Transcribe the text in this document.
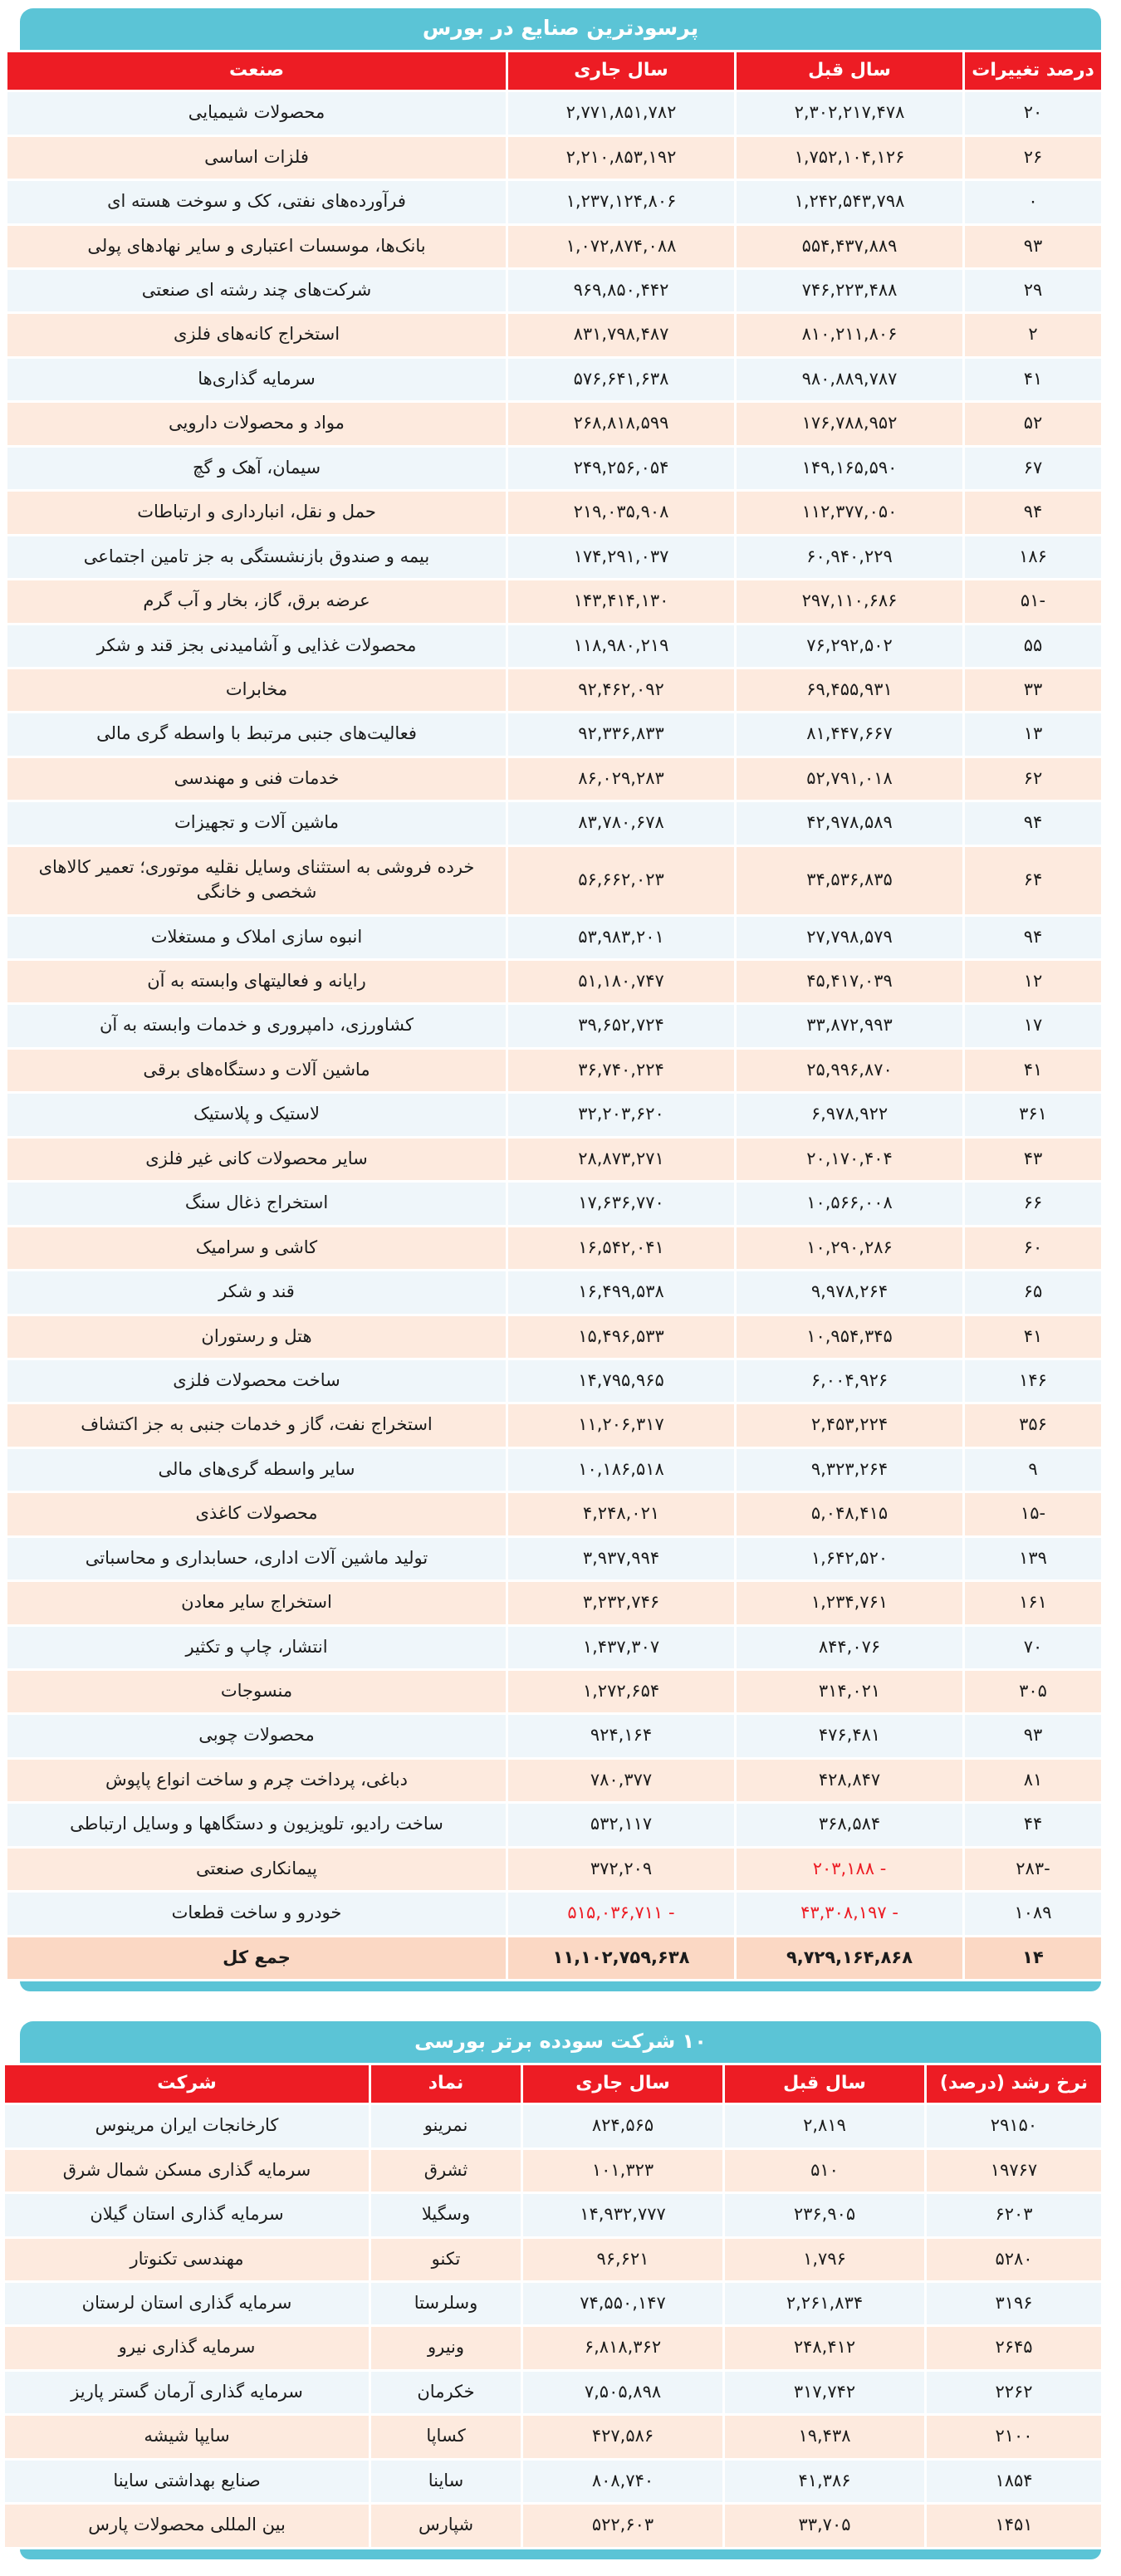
پرسودترین صنایع در بورس
درصد تغییرات	سال قبل	سال جاری	صنعت
۲۰	۲,۳۰۲,۲۱۷,۴۷۸	۲,۷۷۱,۸۵۱,۷۸۲	محصولات شیمیایی
۲۶	۱,۷۵۲,۱۰۴,۱۲۶	۲,۲۱۰,۸۵۳,۱۹۲	فلزات اساسی
۰	۱,۲۴۲,۵۴۳,۷۹۸	۱,۲۳۷,۱۲۴,۸۰۶	فرآورده‌های نفتی، کک و سوخت هسته ای
۹۳	۵۵۴,۴۳۷,۸۸۹	۱,۰۷۲,۸۷۴,۰۸۸	بانک‌ها، موسسات اعتباری و سایر نهادهای پولی
۲۹	۷۴۶,۲۲۳,۴۸۸	۹۶۹,۸۵۰,۴۴۲	شرکت‌های چند رشته ای صنعتی
۲	۸۱۰,۲۱۱,۸۰۶	۸۳۱,۷۹۸,۴۸۷	استخراج کانه‌های فلزی
۴۱	۹۸۰,۸۸۹,۷۸۷	۵۷۶,۶۴۱,۶۳۸	سرمایه گذاری‌ها
۵۲	۱۷۶,۷۸۸,۹۵۲	۲۶۸,۸۱۸,۵۹۹	مواد و محصولات دارویی
۶۷	۱۴۹,۱۶۵,۵۹۰	۲۴۹,۲۵۶,۰۵۴	سیمان، آهک و گچ
۹۴	۱۱۲,۳۷۷,۰۵۰	۲۱۹,۰۳۵,۹۰۸	حمل و نقل، انبارداری و ارتباطات
۱۸۶	۶۰,۹۴۰,۲۲۹	۱۷۴,۲۹۱,۰۳۷	بیمه و صندوق بازنشستگی به جز تامین اجتماعی
-۵۱	۲۹۷,۱۱۰,۶۸۶	۱۴۳,۴۱۴,۱۳۰	عرضه برق، گاز، بخار و آب گرم
۵۵	۷۶,۲۹۲,۵۰۲	۱۱۸,۹۸۰,۲۱۹	محصولات غذایی و آشامیدنی بجز قند و شکر
۳۳	۶۹,۴۵۵,۹۳۱	۹۲,۴۶۲,۰۹۲	مخابرات
۱۳	۸۱,۴۴۷,۶۶۷	۹۲,۳۳۶,۸۳۳	فعالیت‌های جنبی مرتبط با واسطه گری مالی
۶۲	۵۲,۷۹۱,۰۱۸	۸۶,۰۲۹,۲۸۳	خدمات فنی و مهندسی
۹۴	۴۲,۹۷۸,۵۸۹	۸۳,۷۸۰,۶۷۸	ماشین آلات و تجهیزات
۶۴	۳۴,۵۳۶,۸۳۵	۵۶,۶۶۲,۰۲۳	خرده فروشی به استثنای وسایل نقلیه موتوری؛ تعمیر کالاهای شخصی و خانگی
۹۴	۲۷,۷۹۸,۵۷۹	۵۳,۹۸۳,۲۰۱	انبوه سازی املاک و مستغلات
۱۲	۴۵,۴۱۷,۰۳۹	۵۱,۱۸۰,۷۴۷	رایانه و فعالیتهای وابسته به آن
۱۷	۳۳,۸۷۲,۹۹۳	۳۹,۶۵۲,۷۲۴	کشاورزی، دامپروری و خدمات وابسته به آن
۴۱	۲۵,۹۹۶,۸۷۰	۳۶,۷۴۰,۲۲۴	ماشین آلات و دستگاه‌های برقی
۳۶۱	۶,۹۷۸,۹۲۲	۳۲,۲۰۳,۶۲۰	لاستیک و پلاستیک
۴۳	۲۰,۱۷۰,۴۰۴	۲۸,۸۷۳,۲۷۱	سایر محصولات کانی غیر فلزی
۶۶	۱۰,۵۶۶,۰۰۸	۱۷,۶۳۶,۷۷۰	استخراج ذغال سنگ
۶۰	۱۰,۲۹۰,۲۸۶	۱۶,۵۴۲,۰۴۱	کاشی و سرامیک
۶۵	۹,۹۷۸,۲۶۴	۱۶,۴۹۹,۵۳۸	قند و شکر
۴۱	۱۰,۹۵۴,۳۴۵	۱۵,۴۹۶,۵۳۳	هتل و رستوران
۱۴۶	۶,۰۰۴,۹۲۶	۱۴,۷۹۵,۹۶۵	ساخت محصولات فلزی
۳۵۶	۲,۴۵۳,۲۲۴	۱۱,۲۰۶,۳۱۷	استخراج نفت، گاز و خدمات جنبی به جز اکتشاف
۹	۹,۳۲۳,۲۶۴	۱۰,۱۸۶,۵۱۸	سایر واسطه گری‌های مالی
-۱۵	۵,۰۴۸,۴۱۵	۴,۲۴۸,۰۲۱	محصولات کاغذی
۱۳۹	۱,۶۴۲,۵۲۰	۳,۹۳۷,۹۹۴	تولید ماشین آلات اداری، حسابداری و محاسباتی
۱۶۱	۱,۲۳۴,۷۶۱	۳,۲۳۲,۷۴۶	استخراج سایر معادن
۷۰	۸۴۴,۰۷۶	۱,۴۳۷,۳۰۷	انتشار، چاپ و تکثیر
۳۰۵	۳۱۴,۰۲۱	۱,۲۷۲,۶۵۴	منسوجات
۹۳	۴۷۶,۴۸۱	۹۲۴,۱۶۴	محصولات چوبی
۸۱	۴۲۸,۸۴۷	۷۸۰,۳۷۷	دباغی، پرداخت چرم و ساخت انواع پاپوش
۴۴	۳۶۸,۵۸۴	۵۳۲,۱۱۷	ساخت رادیو، تلویزیون و دستگاهها و وسایل ارتباطی
-۲۸۳	- ۲۰۳,۱۸۸	۳۷۲,۲۰۹	پیمانکاری صنعتی
۱۰۸۹	- ۴۳,۳۰۸,۱۹۷	- ۵۱۵,۰۳۶,۷۱۱	خودرو و ساخت قطعات
۱۴	۹,۷۲۹,۱۶۴,۸۶۸	۱۱,۱۰۲,۷۵۹,۶۳۸	جمع کل
۱۰ شرکت سودده برتر بورسی
نرخ رشد (درصد)	سال قبل	سال جاری	نماد	شرکت
۲۹۱۵۰	۲,۸۱۹	۸۲۴,۵۶۵	نمرینو	کارخانجات ایران مرینوس
۱۹۷۶۷	۵۱۰	۱۰۱,۳۲۳	ثشرق	سرمایه گذاری مسکن شمال شرق
۶۲۰۳	۲۳۶,۹۰۵	۱۴,۹۳۲,۷۷۷	وسگیلا	سرمایه گذاری استان گیلان
۵۲۸۰	۱,۷۹۶	۹۶,۶۲۱	تکنو	مهندسی تکنوتار
۳۱۹۶	۲,۲۶۱,۸۳۴	۷۴,۵۵۰,۱۴۷	وسلرستا	سرمایه گذاری استان لرستان
۲۶۴۵	۲۴۸,۴۱۲	۶,۸۱۸,۳۶۲	ونیرو	سرمایه گذاری نیرو
۲۲۶۲	۳۱۷,۷۴۲	۷,۵۰۵,۸۹۸	خکرمان	سرمایه گذاری آرمان گستر پاریز
۲۱۰۰	۱۹,۴۳۸	۴۲۷,۵۸۶	کساپا	سایپا شیشه
۱۸۵۴	۴۱,۳۸۶	۸۰۸,۷۴۰	ساینا	صنایع بهداشتی ساینا
۱۴۵۱	۳۳,۷۰۵	۵۲۲,۶۰۳	شپارس	بین المللی محصولات پارس
